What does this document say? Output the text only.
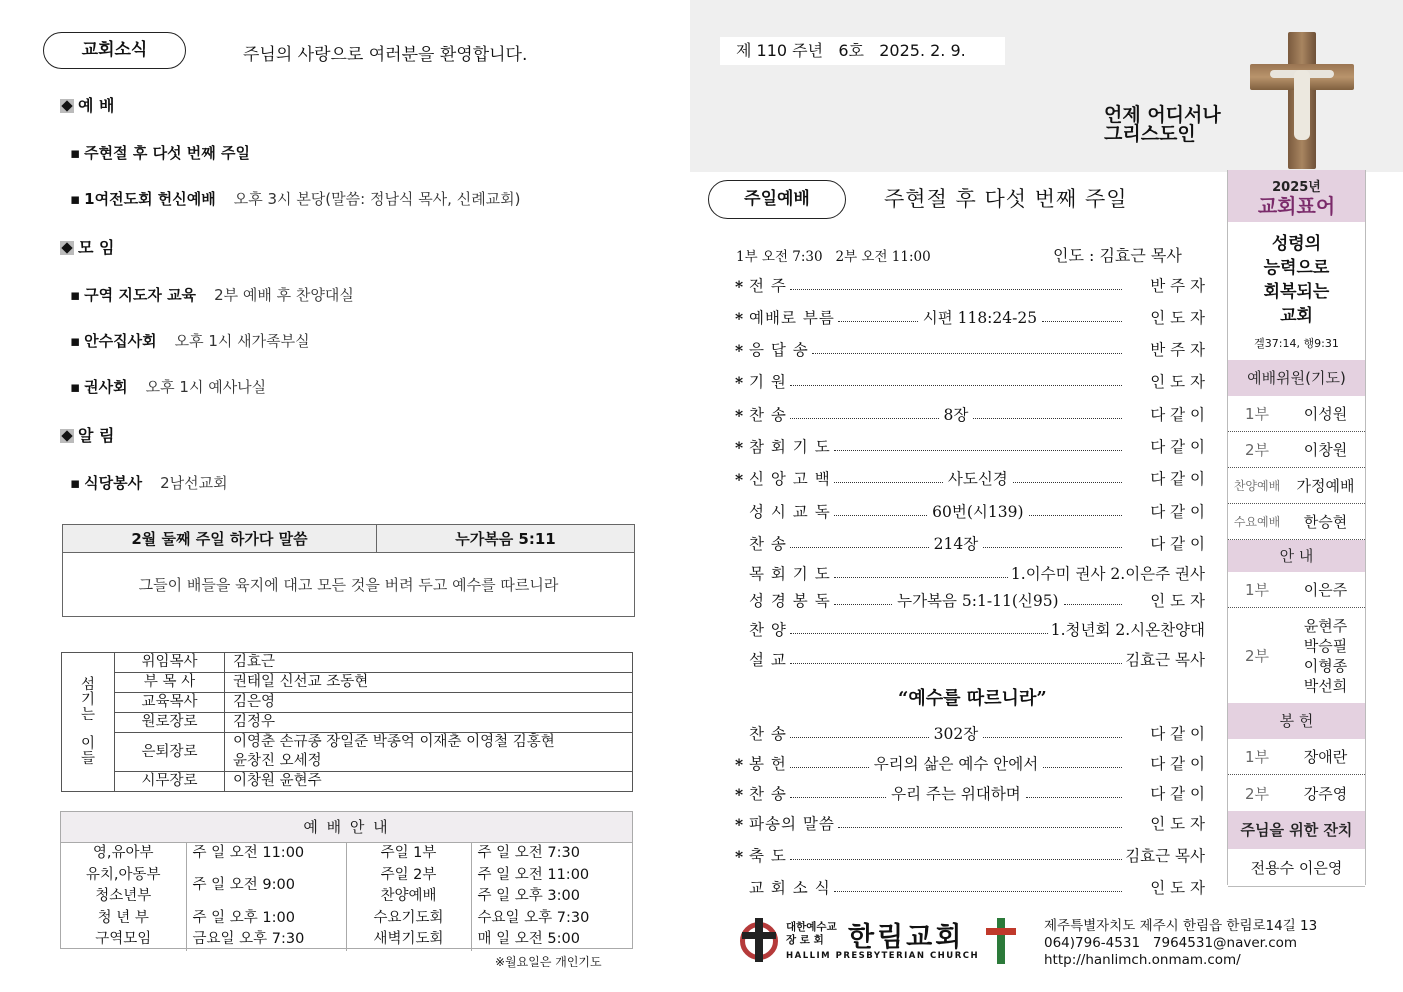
교회소식	주님의 사랑으로 여러분을 환영합니다.
예 배
▪ 주현절 후 다섯 번째 주일
▪ 1여전도회 헌신예배 오후 3시 본당(말씀: 정남식 목사, 신례교회)
모 임
▪ 구역 지도자 교육 2부 예배 후 찬양대실
▪ 안수집사회 오후 1시 새가족부실
▪ 권사회 오후 1시 예사나실
알 림
▪ 식당봉사 2남선교회
2월 둘째 주일 하가다 말씀	누가복음 5:11
그들이 배들을 육지에 대고 모든 것을 버려 두고 예수를 따르니라
섬
기
는
이
들	위임목사	김효근
	부 목 사	권태일 신선교 조동현
	교육목사	김은영
	원로장로	김정우
	은퇴장로	이영춘 손규종 장일준 박종억 이재춘 이영철 김홍현
윤창진 오세정

	시무장로	이창원 윤현주
예 배 안 내
영,유아부	주 일 오전 11:00	주일 1부	주 일 오전 7:30
유치,아동부	주 일 오전 9:00	주일 2부	주 일 오전 11:00
청소년부		찬양예배	주 일 오후 3:00
청 년 부	주 일 오후 1:00	수요기도회	수요일 오후 7:30
구역모임	금요일 오후 7:30	새벽기도회	매 일 오전 5:00
※월요일은 개인기도
제 110 주년   6호   2025. 2. 9.
언제 어디서나
그리스도인
주일예배	주현절 후 다섯 번째 주일
1부 오전 7:30   2부 오전 11:00	인도 : 김효근 목사
* 전 주	반 주 자
* 예배로 부름	시편 118:24-25	인 도 자
* 응 답 송	반 주 자
* 기 원	인 도 자
* 찬 송	8장	다 같 이
* 참 회 기 도	다 같 이
* 신 앙 고 백	사도신경	다 같 이
성 시 교 독	60번(시139)	다 같 이
찬 송	214장	다 같 이
목 회 기 도	1.이수미 권사 2.이은주 권사
성 경 봉 독	누가복음 5:1-11(신95)	인 도 자
찬 양	1.청년회 2.시온찬양대
설 교	김효근 목사
찬 송	302장	다 같 이
* 봉 헌	우리의 삶은 예수 안에서	다 같 이
* 찬 송	우리 주는 위대하며	다 같 이
* 파송의 말씀	인 도 자
* 축 도	김효근 목사
교 회 소 식	인 도 자
“예수를 따르니라”
2025년
교회표어
성령의
능력으로
회복되는
교회
겔37:14, 행9:31
예배위원(기도)
1부	이성원
2부	이창원
찬양예배	가정예배
수요예배	한승현
안 내
1부	이은주
2부
윤현주
박승필
이형종
박선희
봉 헌
1부	장애란
2부	강주영
주님을 위한 잔치
전용수 이은영
대한예수교
장 로 회 한림교회
HALLIM PRESBYTERIAN CHURCH
제주특별자치도 제주시 한림읍 한림로14길 13
064)796-4531   7964531@naver.com
http://hanlimch.onmam.com/
